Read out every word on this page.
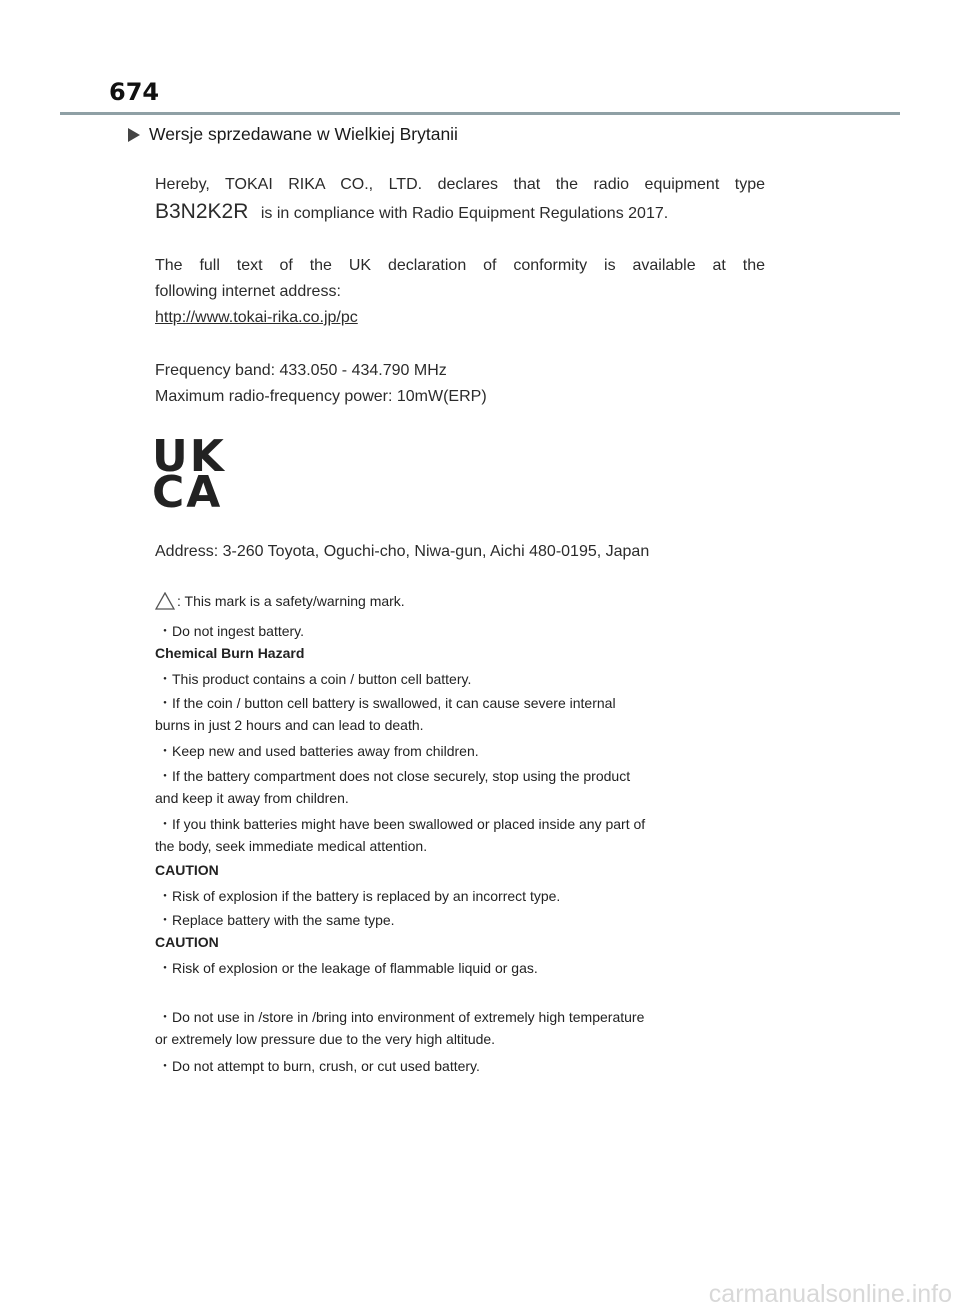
674
Wersje sprzedawane w Wielkiej Brytanii
Hereby, TOKAI RIKA CO., LTD. declares that the radio equipment type
B3N2K2R is in compliance with Radio Equipment Regulations 2017.
The full text of the UK declaration of conformity is available at the
following internet address:
http://www.tokai-rika.co.jp/pc
Frequency band: 433.050 - 434.790 MHz
Maximum radio-frequency power: 10mW(ERP)
UK
CA
Address: 3-260 Toyota, Oguchi-cho, Niwa-gun, Aichi 480-0195, Japan
: This mark is a safety/warning mark.
・Do not ingest battery.
Chemical Burn Hazard
・This product contains a coin / button cell battery.
・If the coin / button cell battery is swallowed, it can cause severe internal
burns in just 2 hours and can lead to death.
・Keep new and used batteries away from children.
・If the battery compartment does not close securely, stop using the product
and keep it away from children.
・If you think batteries might have been swallowed or placed inside any part of
the body, seek immediate medical attention.
CAUTION
・Risk of explosion if the battery is replaced by an incorrect type.
・Replace battery with the same type.
CAUTION
・Risk of explosion or the leakage of flammable liquid or gas.
・Do not use in /store in /bring into environment of extremely high temperature
or extremely low pressure due to the very high altitude.
・Do not attempt to burn, crush, or cut used battery.
carmanualsonline.info
